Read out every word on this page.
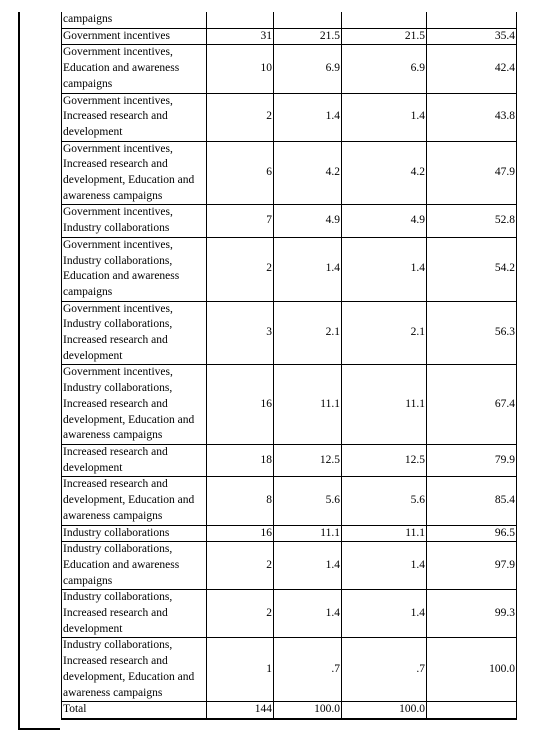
campaigns				
Government incentives	31	21.5	21.5	35.4
Government incentives, Education and awareness campaigns	10	6.9	6.9	42.4
Government incentives, Increased research and development	2	1.4	1.4	43.8
Government incentives, Increased research and development, Education and awareness campaigns	6	4.2	4.2	47.9
Government incentives, Industry collaborations	7	4.9	4.9	52.8
Government incentives, Industry collaborations, Education and awareness campaigns	2	1.4	1.4	54.2
Government incentives, Industry collaborations, Increased research and development	3	2.1	2.1	56.3
Government incentives, Industry collaborations, Increased research and development, Education and awareness campaigns	16	11.1	11.1	67.4
Increased research and development	18	12.5	12.5	79.9
Increased research and development, Education and awareness campaigns	8	5.6	5.6	85.4
Industry collaborations	16	11.1	11.1	96.5
Industry collaborations, Education and awareness campaigns	2	1.4	1.4	97.9
Industry collaborations, Increased research and development	2	1.4	1.4	99.3
Industry collaborations, Increased research and development, Education and awareness campaigns	1	.7	.7	100.0
Total	144	100.0	100.0	
